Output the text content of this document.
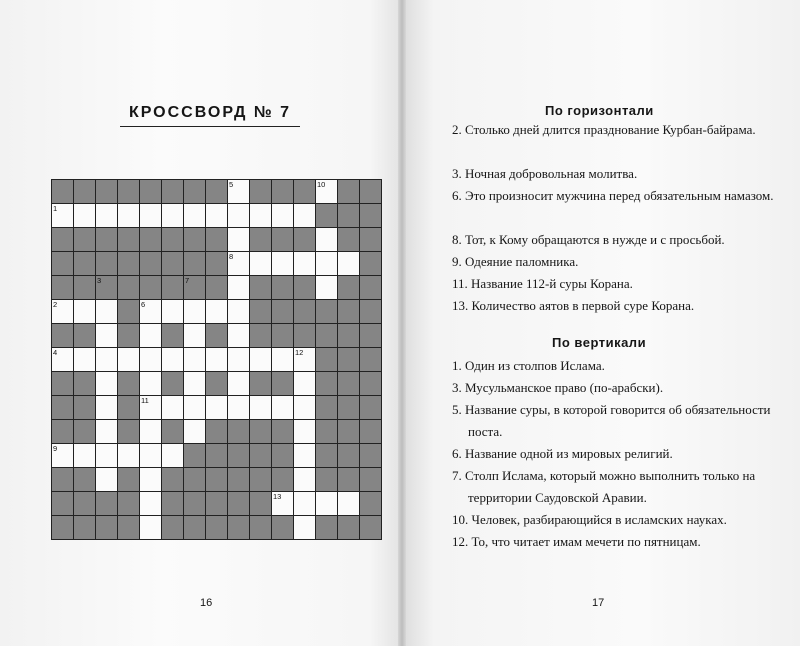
КРОССВОРД № 7
5	10
1
8
3	7
2	6
4	12
11
9
13
16
По горизонтали
2. Столько дней длится празднование Курбан-байрама.
3. Ночная добровольная молитва.
6. Это произносит мужчина перед обязательным намазом.
8. Тот, к Кому обращаются в нужде и с просьбой.
9. Одеяние паломника.
11. Название 112-й суры Корана.
13. Количество аятов в первой суре Корана.
По вертикали
1. Один из столпов Ислама.
3. Мусульманское право (по-арабски).
5. Название суры, в которой говорится об обязательности поста.
6. Название одной из мировых религий.
7. Столп Ислама, который можно выполнить только на территории Саудовской Аравии.
10. Человек, разбирающийся в исламских науках.
12. То, что читает имам мечети по пятницам.
17
